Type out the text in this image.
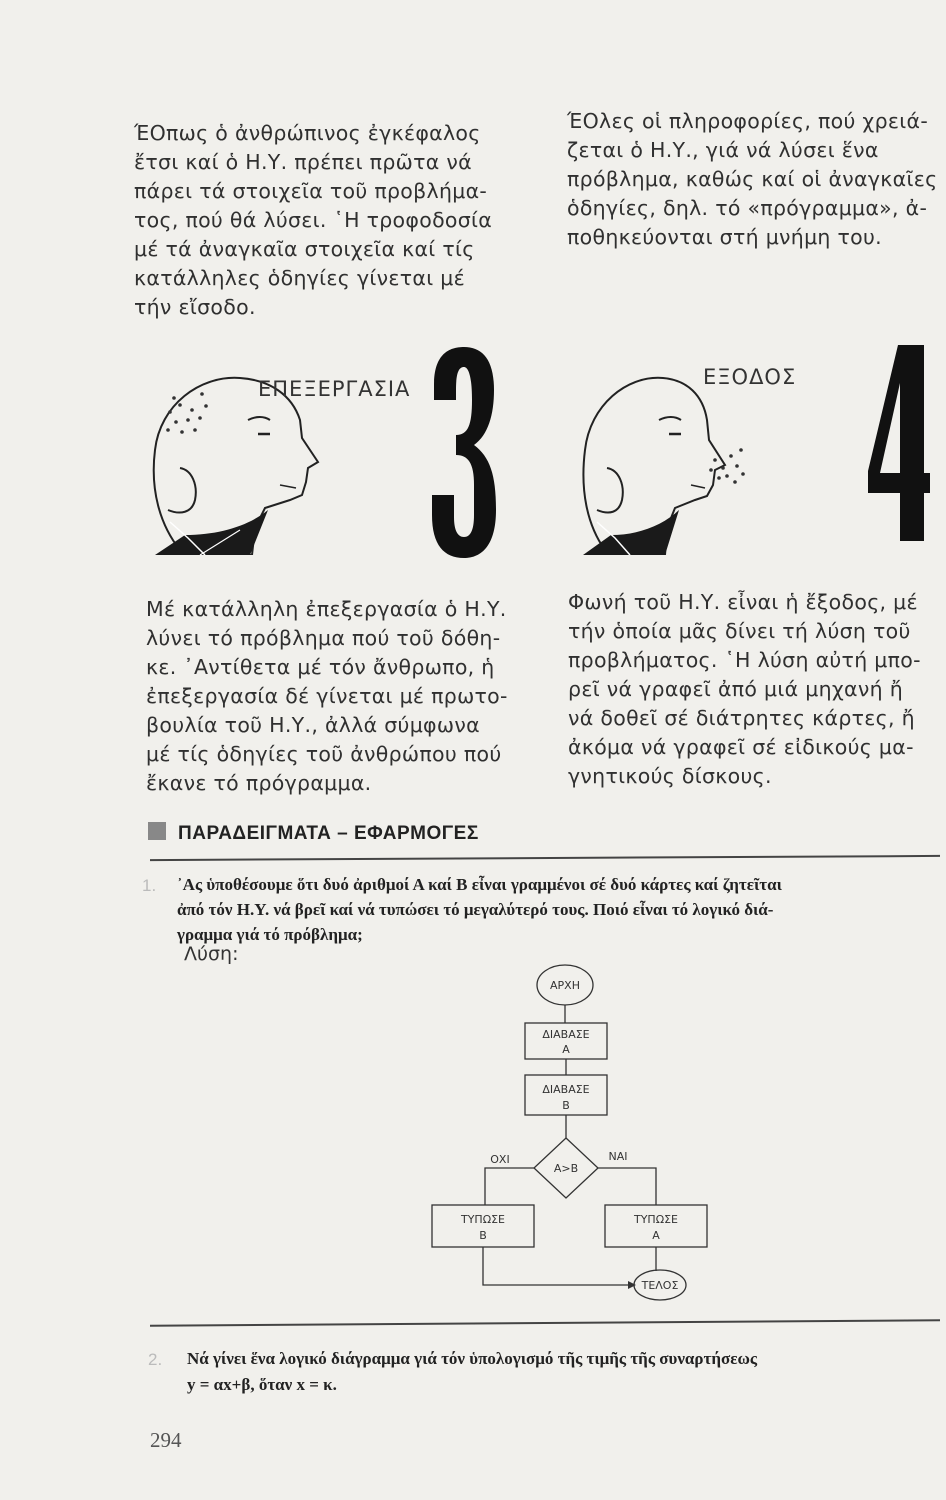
ΈΟπως ὁ ἀνθρώπινος ἐγκέφαλος
ἔτσι καί ὁ Η.Υ. πρέπει πρῶτα νά
πάρει τά στοιχεῖα τοῦ προβλήμα-
τος, πού θά λύσει. ῾Η τροφοδοσία
μέ τά ἀναγκαῖα στοιχεῖα καί τίς
κατάλληλες ὁδηγίες γίνεται μέ
τήν εἴσοδο.
ΈΟλες οἱ πληροφορίες, πού χρειά-
ζεται ὁ Η.Υ., γιά νά λύσει ἕνα
πρόβλημα, καθώς καί οἱ ἀναγκαῖες
ὁδηγίες, δηλ. τό «πρόγραμμα», ἀ-
ποθηκεύονται στή μνήμη του.
ΕΠΕΞΕΡΓΑΣΙΑ	ΕΞΟΔΟΣ
Μέ κατάλληλη ἐπεξεργασία ὁ Η.Υ.
λύνει τό πρόβλημα πού τοῦ δόθη-
κε. ᾿Αντίθετα μέ τόν ἄνθρωπο, ἡ
ἐπεξεργασία δέ γίνεται μέ πρωτο-
βουλία τοῦ Η.Υ., ἀλλά σύμφωνα
μέ τίς ὁδηγίες τοῦ ἀνθρώπου πού
ἔκανε τό πρόγραμμα.
Φωνή τοῦ Η.Υ. εἶναι ἡ ἔξοδος, μέ
τήν ὁποία μᾶς δίνει τή λύση τοῦ
προβλήματος. ῾Η λύση αὐτή μπο-
ρεῖ νά γραφεῖ ἀπό μιά μηχανή ἤ
νά δοθεῖ σέ διάτρητες κάρτες, ἤ
ἀκόμα νά γραφεῖ σέ εἰδικούς μα-
γνητικούς δίσκους.
ΠΑΡΑΔΕΙΓΜΑΤΑ – ΕΦΑΡΜΟΓΕΣ
1. ᾿Ας ὑποθέσουμε ὅτι δυό ἀριθμοί Α καί Β εἶναι γραμμένοι σέ δυό κάρτες καί ζητεῖται
ἀπό τόν Η.Υ. νά βρεῖ καί νά τυπώσει τό μεγαλύτερό τους. Ποιό εἶναι τό λογικό διά-
γραμμα γιά τό πρόβλημα;
Λύση:
ΑΡΧΗ
ΔΙΑΒΑΣΕ
Α
ΔΙΑΒΑΣΕ
Β
Α>Β
ΟΧΙ	ΝΑΙ
ΤΥΠΩΣΕ
Β
ΤΥΠΩΣΕ
Α
ΤΕΛΟΣ
2. Νά γίνει ἕνα λογικό διάγραμμα γιά τόν ὑπολογισμό τῆς τιμῆς τῆς συναρτήσεως
y = αx+β, ὅταν x = κ.
294
